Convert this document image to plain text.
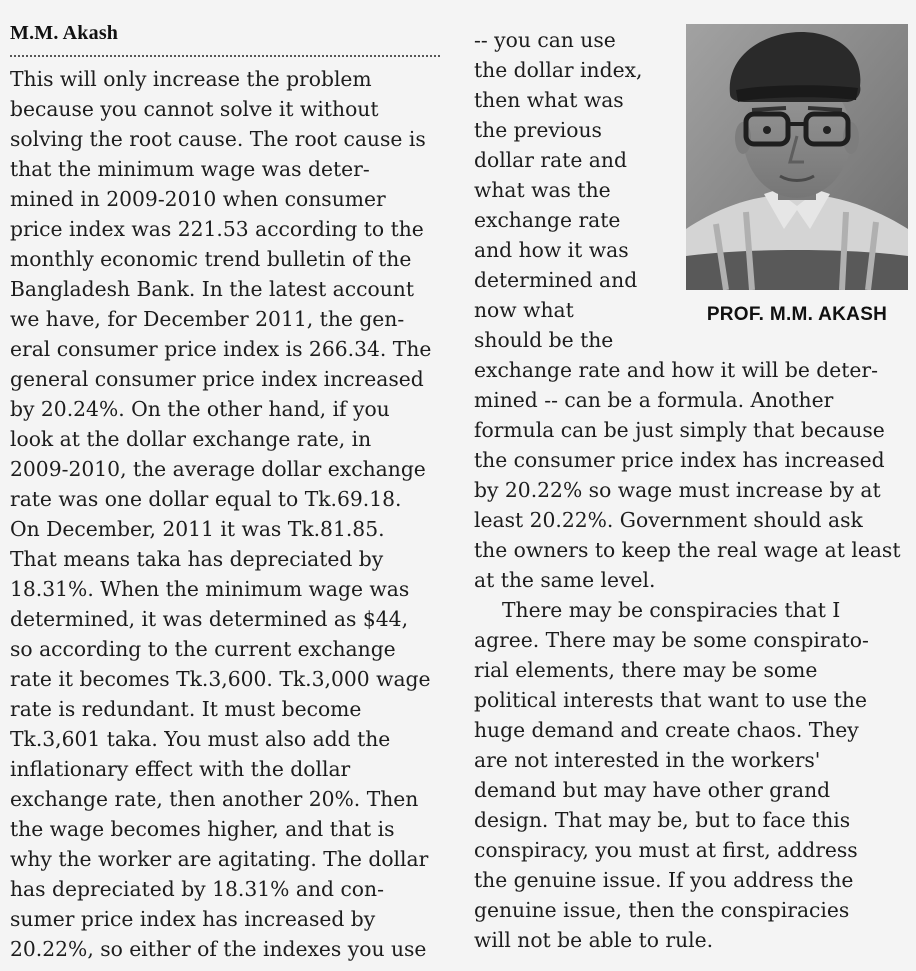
M.M. Akash
This will only increase the problem
because you cannot solve it without
solving the root cause. The root cause is
that the minimum wage was deter-
mined in 2009-2010 when consumer
price index was 221.53 according to the
monthly economic trend bulletin of the
Bangladesh Bank. In the latest account
we have, for December 2011, the gen-
eral consumer price index is 266.34. The
general consumer price index increased
by 20.24%. On the other hand, if you
look at the dollar exchange rate, in
2009-2010, the average dollar exchange
rate was one dollar equal to Tk.69.18.
On December, 2011 it was Tk.81.85.
That means taka has depreciated by
18.31%. When the minimum wage was
determined, it was determined as $44,
so according to the current exchange
rate it becomes Tk.3,600. Tk.3,000 wage
rate is redundant. It must become
Tk.3,601 taka. You must also add the
inflationary effect with the dollar
exchange rate, then another 20%. Then
the wage becomes higher, and that is
why the worker are agitating. The dollar
has depreciated by 18.31% and con-
sumer price index has increased by
20.22%, so either of the indexes you use
-- you can use
the dollar index,
then what was
the previous
dollar rate and
what was the
exchange rate
and how it was
determined and
now what
should be the
PROF. M.M. AKASH
exchange rate and how it will be deter-
mined -- can be a formula. Another
formula can be just simply that because
the consumer price index has increased
by 20.22% so wage must increase by at
least 20.22%. Government should ask
the owners to keep the real wage at least
at the same level.
There may be conspiracies that I
agree. There may be some conspirato-
rial elements, there may be some
political interests that want to use the
huge demand and create chaos. They
are not interested in the workers'
demand but may have other grand
design. That may be, but to face this
conspiracy, you must at first, address
the genuine issue. If you address the
genuine issue, then the conspiracies
will not be able to rule.
